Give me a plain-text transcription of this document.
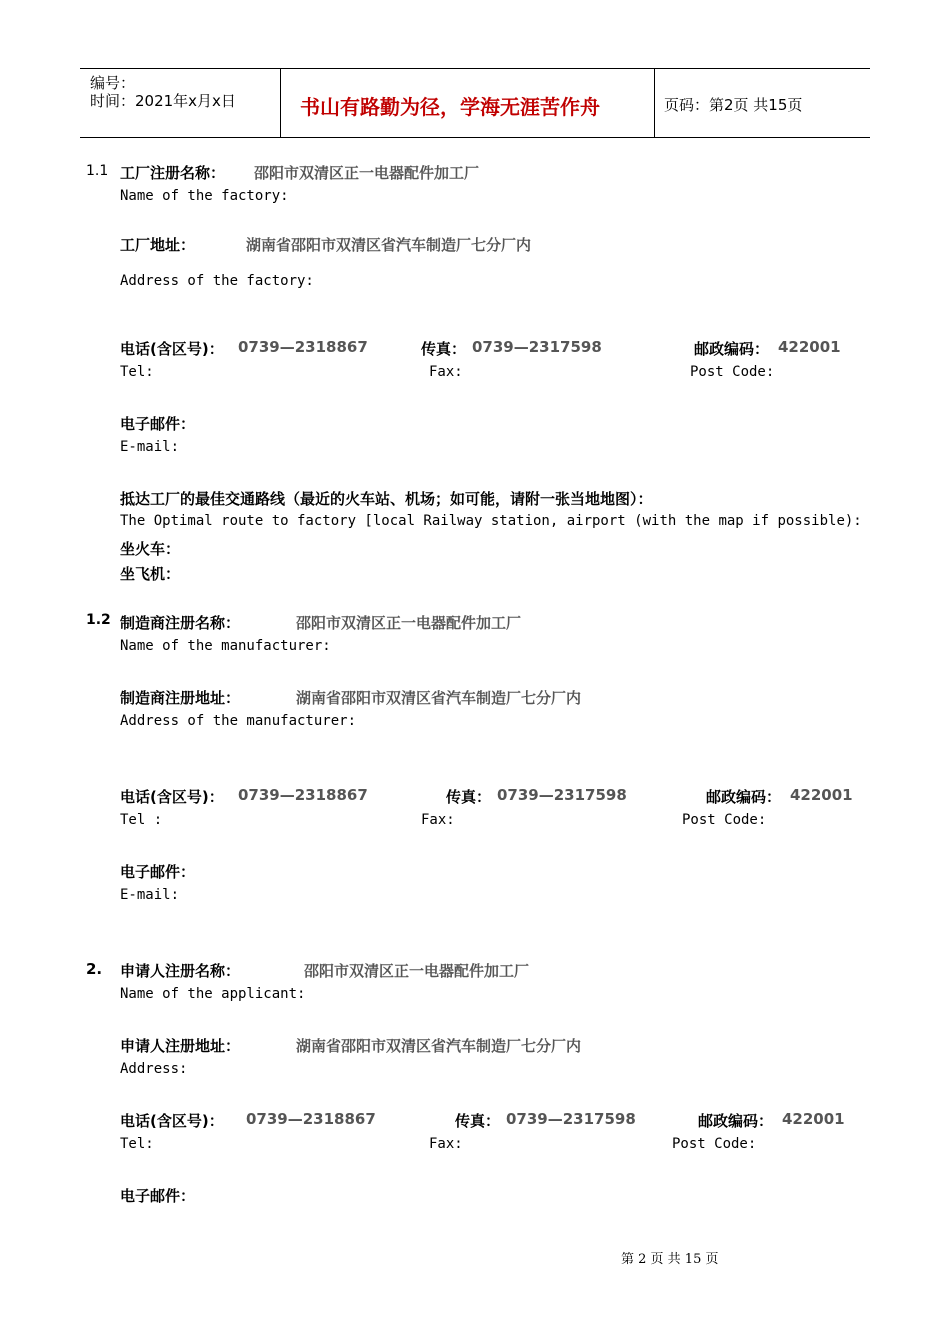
编号：
时间：2021年x月x日	书山有路勤为径，学海无涯苦作舟	页码：第2页 共15页
1.1 工厂注册名称： 邵阳市双清区正一电器配件加工厂
Name of the factory:
工厂地址：	湖南省邵阳市双清区省汽车制造厂七分厂内
Address of the factory:
电话(含区号)： 0739—2318867	传真： 0739—2317598	邮政编码： 422001
Tel:	Fax:	Post Code:
电子邮件：
E-mail:
抵达工厂的最佳交通路线（最近的火车站、机场；如可能，请附一张当地地图）：
The Optimal route to factory [local Railway station, airport (with the map if possible):
坐火车：
坐飞机：
1.2 制造商注册名称：	邵阳市双清区正一电器配件加工厂
Name of the manufacturer:
制造商注册地址：	湖南省邵阳市双清区省汽车制造厂七分厂内
Address of the manufacturer:
电话(含区号)： 0739—2318867	传真： 0739—2317598	邮政编码： 422001
Tel :	Fax:	Post Code:
电子邮件：
E-mail:
2. 申请人注册名称：	邵阳市双清区正一电器配件加工厂
Name of the applicant:
申请人注册地址：	湖南省邵阳市双清区省汽车制造厂七分厂内
Address:
电话(含区号)： 0739—2318867	传真： 0739—2317598	邮政编码： 422001
Tel:	Fax:	Post Code:
电子邮件：
第 2 页 共 15 页
